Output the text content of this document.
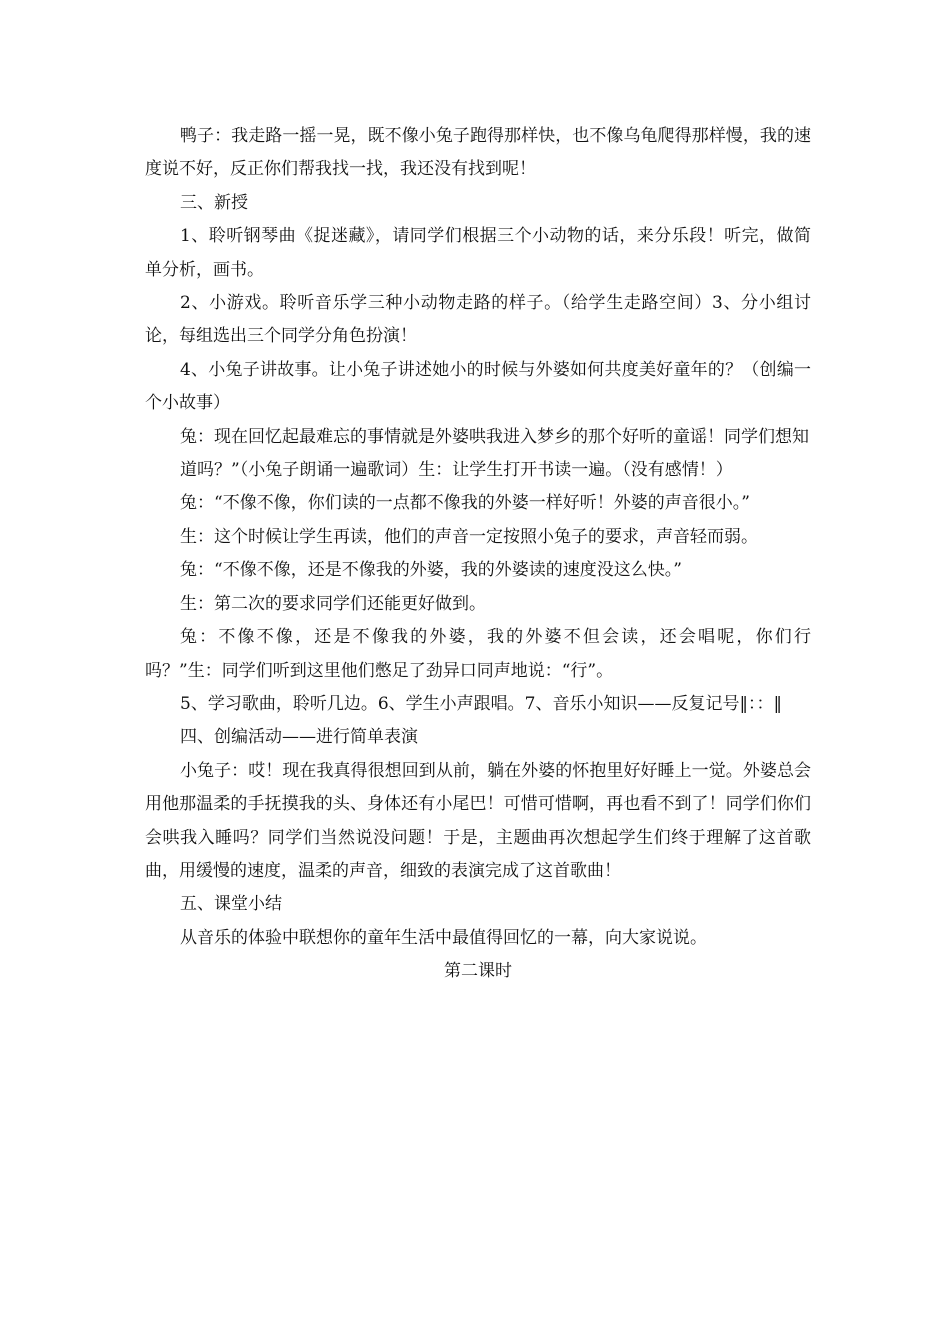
鸭子：我走路一摇一晃，既不像小兔子跑得那样快，也不像乌龟爬得那样慢，我的速度说不好，反正你们帮我找一找，我还没有找到呢！

三、新授

1、聆听钢琴曲《捉迷藏》，请同学们根据三个小动物的话，来分乐段！听完，做简单分析，画书。

2、小游戏。聆听音乐学三种小动物走路的样子。（给学生走路空间）3、分小组讨论，每组选出三个同学分角色扮演！

4、小兔子讲故事。让小兔子讲述她小的时候与外婆如何共度美好童年的？（创编一个小故事）

兔：现在回忆起最难忘的事情就是外婆哄我进入梦乡的那个好听的童谣！同学们想知

道吗？”（小兔子朗诵一遍歌词）生：让学生打开书读一遍。（没有感情！）

兔：“不像不像，你们读的一点都不像我的外婆一样好听！外婆的声音很小。”

生：这个时候让学生再读，他们的声音一定按照小兔子的要求，声音轻而弱。

兔：“不像不像，还是不像我的外婆，我的外婆读的速度没这么快。”

生：第二次的要求同学们还能更好做到。

兔：不像不像，还是不像我的外婆，我的外婆不但会读，还会唱呢，你们行吗？”生：同学们听到这里他们憋足了劲异口同声地说：“行”。

5、学习歌曲，聆听几边。6、学生小声跟唱。7、音乐小知识——反复记号‖：：‖

四、创编活动——进行简单表演

小兔子：哎！现在我真得很想回到从前，躺在外婆的怀抱里好好睡上一觉。外婆总会用他那温柔的手抚摸我的头、身体还有小尾巴！可惜可惜啊，再也看不到了！同学们你们会哄我入睡吗？同学们当然说没问题！于是，主题曲再次想起学生们终于理解了这首歌曲，用缓慢的速度，温柔的声音，细致的表演完成了这首歌曲！

五、课堂小结

从音乐的体验中联想你的童年生活中最值得回忆的一幕，向大家说说。

第二课时
